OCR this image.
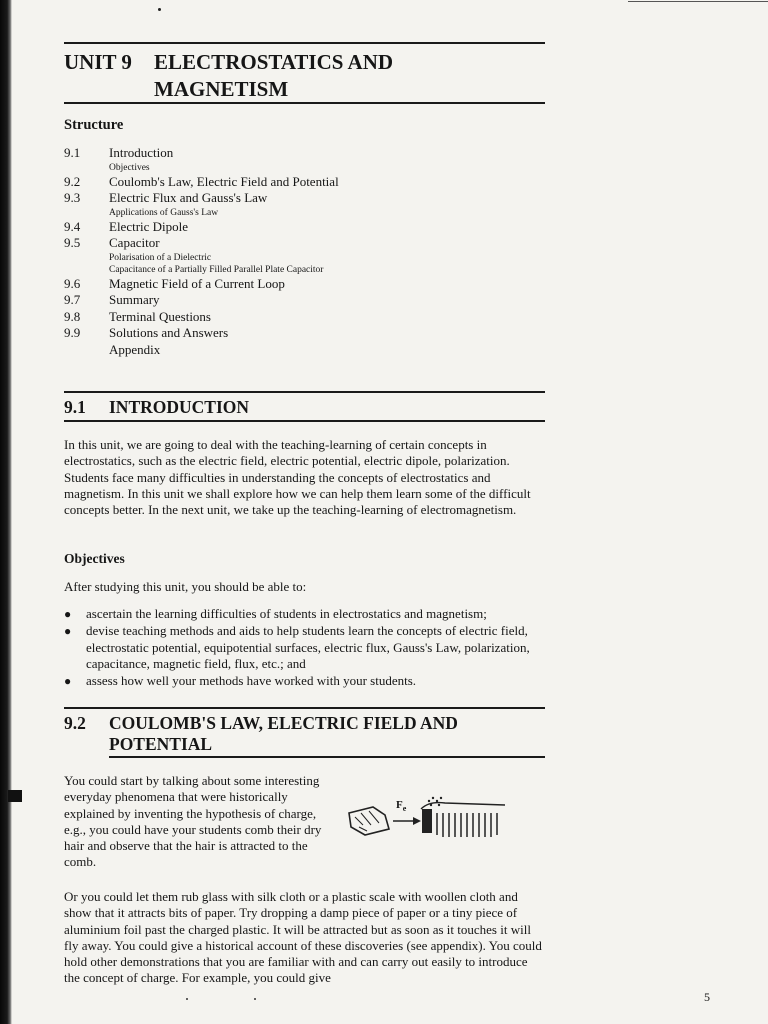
UNIT 9 ELECTROSTATICS AND
MAGNETISM
Structure
9.1	Introduction
Objectives
9.2	Coulomb's Law, Electric Field and Potential
9.3	Electric Flux and Gauss's Law
Applications of Gauss's Law
9.4	Electric Dipole
9.5	Capacitor
Polarisation of a Dielectric
Capacitance of a Partially Filled Parallel Plate Capacitor
9.6	Magnetic Field of a Current Loop
9.7	Summary
9.8	Terminal Questions
9.9	Solutions and Answers
Appendix
9.1 INTRODUCTION

In this unit, we are going to deal with the teaching-learning of certain concepts in electrostatics, such as the electric field, electric potential, electric dipole, polarization. Students face many difficulties in understanding the concepts of electrostatics and magnetism. In this unit we shall explore how we can help them learn some of the difficult concepts better. In the next unit, we take up the teaching-learning of electromagnetism.

Objectives

After studying this unit, you should be able to:

●	ascertain the learning difficulties of students in electrostatics and magnetism;
●	devise teaching methods and aids to help students learn the concepts of electric field, electrostatic potential, equipotential surfaces, electric flux, Gauss's Law, polarization, capacitance, magnetic field, flux, etc.; and
●	assess how well your methods have worked with your students.
9.2 COULOMB'S LAW, ELECTRIC FIELD AND
POTENTIAL

You could start by talking about some interesting everyday phenomena that were historically explained by inventing the hypothesis of charge, e.g., you could have your students comb their dry hair and observe that the hair is attracted to the comb.

$F_e$

Or you could let them rub glass with silk cloth or a plastic scale with woollen cloth and show that it attracts bits of paper. Try dropping a damp piece of paper or a tiny piece of aluminium foil past the charged plastic. It will be attracted but as soon as it touches it will fly away. You could give a historical account of these discoveries (see appendix). You could hold other demonstrations that you are familiar with and can carry out easily to introduce the concept of charge. For example, you could give

5
